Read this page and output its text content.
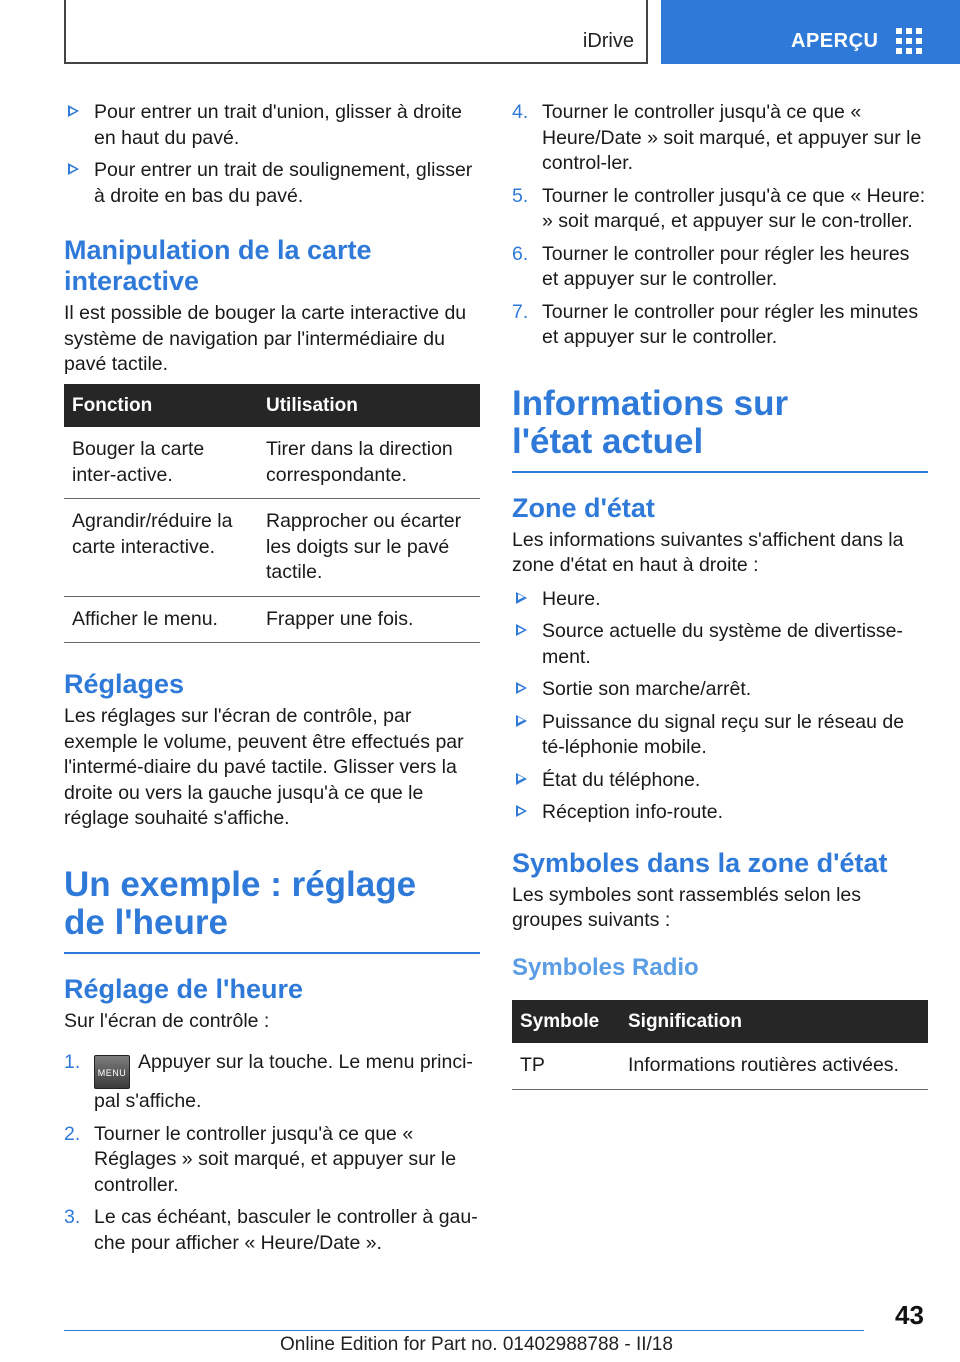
iDrive	APERÇU
Pour entrer un trait d'union, glisser à droite en haut du pavé.
Pour entrer un trait de soulignement, glisser à droite en bas du pavé.
Manipulation de la carte interactive

Il est possible de bouger la carte interactive du système de navigation par l'intermédiaire du pavé tactile.

Fonction	Utilisation
Bouger la carte inter-active.	Tirer dans la direction correspondante.
Agrandir/réduire la carte interactive.	Rapprocher ou écarter les doigts sur le pavé tactile.
Afficher le menu.	Frapper une fois.
Réglages

Les réglages sur l'écran de contrôle, par exemple le volume, peuvent être effectués par l'intermé-diaire du pavé tactile. Glisser vers la droite ou vers la gauche jusqu'à ce que le réglage souhaité s'affiche.

Un exemple : réglage de l'heure
Réglage de l'heure

Sur l'écran de contrôle :

1. MENU Appuyer sur la touche. Le menu princi-pal s'affiche.
2. Tourner le controller jusqu'à ce que « Réglages » soit marqué, et appuyer sur le controller.
3. Le cas échéant, basculer le controller à gau-che pour afficher « Heure/Date ».
4. Tourner le controller jusqu'à ce que « Heure/Date » soit marqué, et appuyer sur le control-ler.
5. Tourner le controller jusqu'à ce que « Heure: » soit marqué, et appuyer sur le con-troller.
6. Tourner le controller pour régler les heures et appuyer sur le controller.
7. Tourner le controller pour régler les minutes et appuyer sur le controller.
Informations sur l'état actuel
Zone d'état

Les informations suivantes s'affichent dans la zone d'état en haut à droite :

Heure.
Source actuelle du système de divertisse-ment.
Sortie son marche/arrêt.
Puissance du signal reçu sur le réseau de té-léphonie mobile.
État du téléphone.
Réception info-route.
Symboles dans la zone d'état

Les symboles sont rassemblés selon les groupes suivants :

Symboles Radio
Symbole	Signification
TP	Informations routières activées.
43
Online Edition for Part no. 01402988788 - II/18
